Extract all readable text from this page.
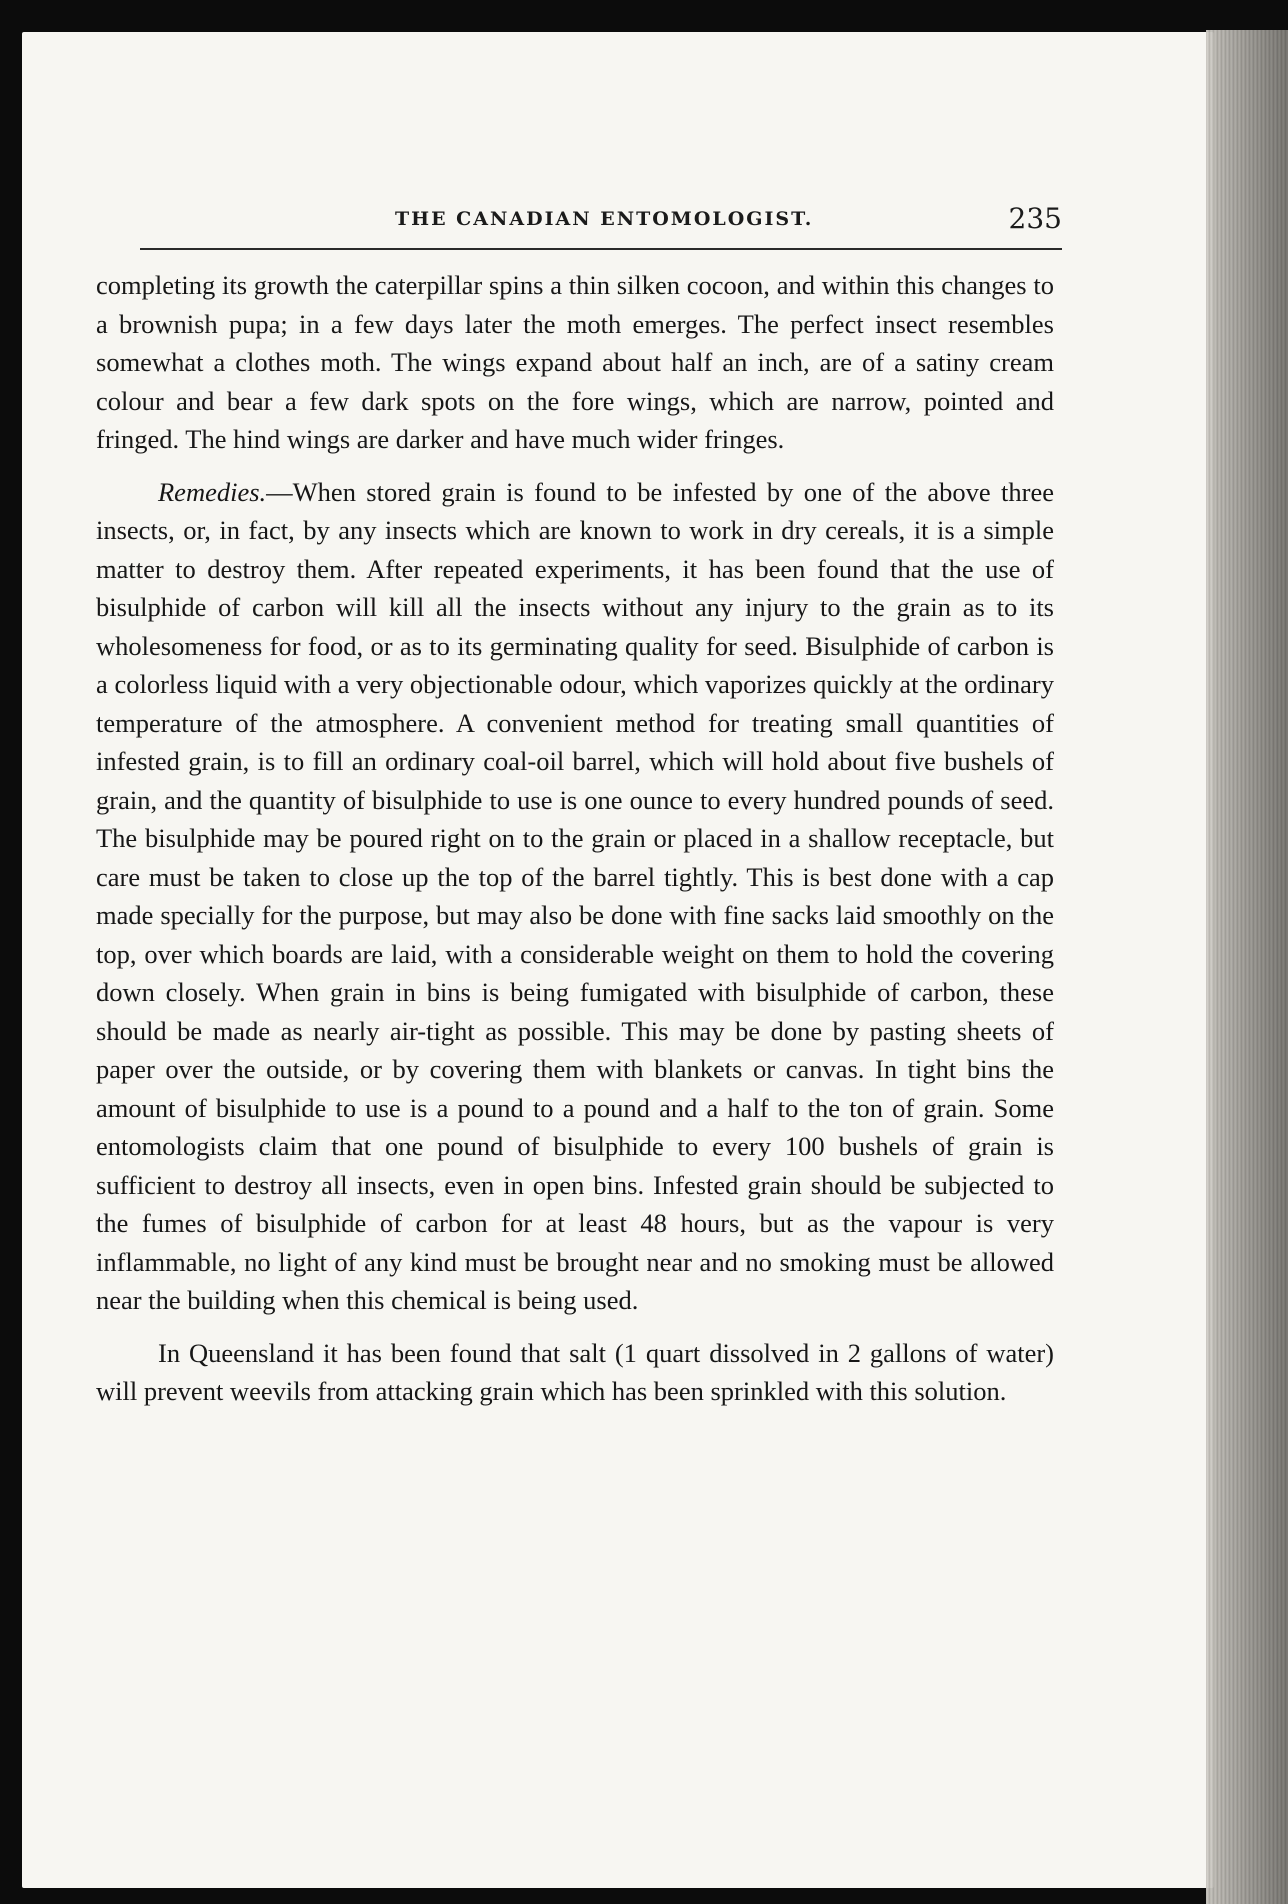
THE CANADIAN ENTOMOLOGIST.	235

completing its growth the caterpillar spins a thin silken cocoon, and within this changes to a brownish pupa; in a few days later the moth emerges. The perfect insect resembles somewhat a clothes moth. The wings expand about half an inch, are of a satiny cream colour and bear a few dark spots on the fore wings, which are narrow, pointed and fringed. The hind wings are darker and have much wider fringes.

Remedies.—When stored grain is found to be infested by one of the above three insects, or, in fact, by any insects which are known to work in dry cereals, it is a simple matter to destroy them. After repeated experiments, it has been found that the use of bisulphide of carbon will kill all the insects without any injury to the grain as to its wholesomeness for food, or as to its germinating quality for seed. Bisulphide of carbon is a colorless liquid with a very objectionable odour, which vaporizes quickly at the ordinary temperature of the atmosphere. A convenient method for treating small quantities of infested grain, is to fill an ordinary coal-oil barrel, which will hold about five bushels of grain, and the quantity of bisulphide to use is one ounce to every hundred pounds of seed. The bisulphide may be poured right on to the grain or placed in a shallow receptacle, but care must be taken to close up the top of the barrel tightly. This is best done with a cap made specially for the purpose, but may also be done with fine sacks laid smoothly on the top, over which boards are laid, with a considerable weight on them to hold the covering down closely. When grain in bins is being fumigated with bisulphide of carbon, these should be made as nearly air-tight as possible. This may be done by pasting sheets of paper over the outside, or by covering them with blankets or canvas. In tight bins the amount of bisulphide to use is a pound to a pound and a half to the ton of grain. Some entomologists claim that one pound of bisulphide to every 100 bushels of grain is sufficient to destroy all insects, even in open bins. Infested grain should be subjected to the fumes of bisulphide of carbon for at least 48 hours, but as the vapour is very inflammable, no light of any kind must be brought near and no smoking must be allowed near the building when this chemical is being used.

In Queensland it has been found that salt (1 quart dissolved in 2 gallons of water) will prevent weevils from attacking grain which has been sprinkled with this solution.
